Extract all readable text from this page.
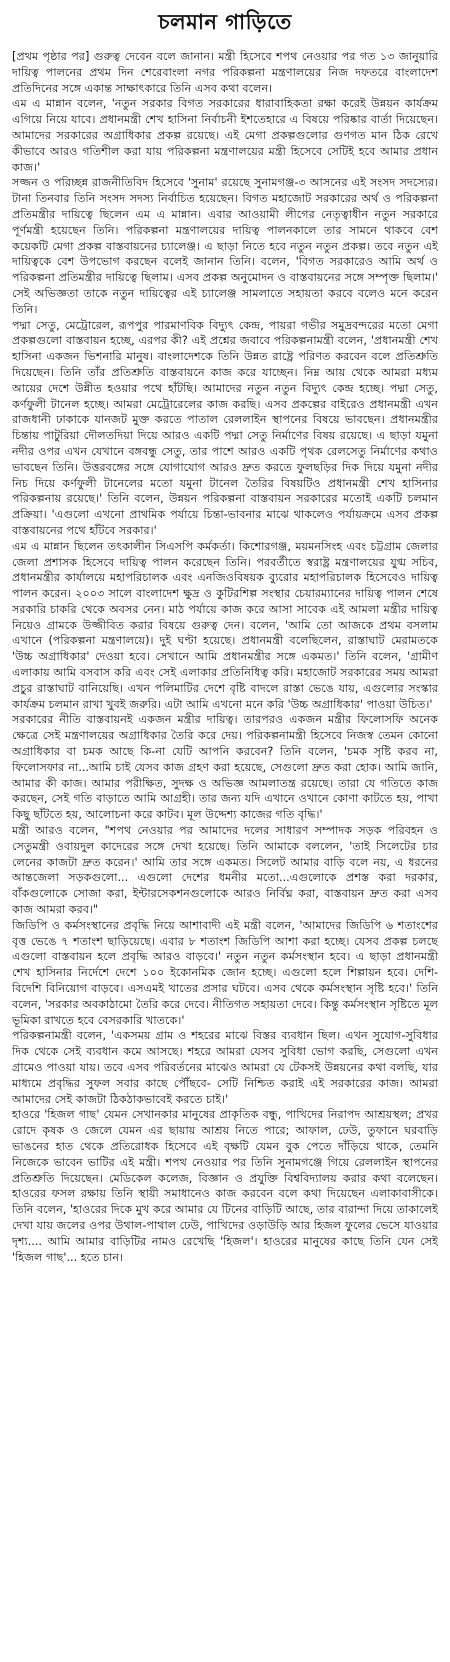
চলমান গাড়িতে

[প্রথম পৃষ্ঠার পর] গুরুত্ব দেবেন বলে জানান। মন্ত্রী হিসেবে শপথ নেওয়ার পর গত ১৩ জানুয়ারি দায়িত্ব পালনের প্রথম দিন শেরেবাংলা নগর পরিকল্পনা মন্ত্রণালয়ের নিজ দফতরে বাংলাদেশ প্রতিদিনের সঙ্গে একান্ত সাক্ষাৎকারে তিনি এসব কথা বলেন।

এম এ মান্নান বলেন, 'নতুন সরকার বিগত সরকারের ধারাবাহিকতা রক্ষা করেই উন্নয়ন কার্যক্রম এগিয়ে নিয়ে যাবে। প্রধানমন্ত্রী শেখ হাসিনা নির্বাচনী ইশতেহারে এ বিষয়ে পরিষ্কার বার্তা দিয়েছেন। আমাদের সরকারের অগ্রাধিকার প্রকল্প রয়েছে। এই মেগা প্রকল্পগুলোর গুণগত মান ঠিক রেখে কীভাবে আরও গতিশীল করা যায় পরিকল্পনা মন্ত্রণালয়ের মন্ত্রী হিসেবে সেটিই হবে আমার প্রধান কাজ।'

সজ্জন ও পরিচ্ছন্ন রাজনীতিবিদ হিসেবে 'সুনাম' রয়েছে সুনামগঞ্জ-৩ আসনের এই সংসদ সদস্যের। টানা তিনবার তিনি সংসদ সদস্য নির্বাচিত হয়েছেন। বিগত মহাজোট সরকারের অর্থ ও পরিকল্পনা প্রতিমন্ত্রীর দায়িত্বে ছিলেন এম এ মান্নান। এবার আওয়ামী লীগের নেতৃত্বাধীন নতুন সরকারে পূর্ণমন্ত্রী হয়েছেন তিনি। পরিকল্পনা মন্ত্রণালয়ের দায়িত্ব পালনকালে তার সামনে থাকবে বেশ কয়েকটি মেগা প্রকল্প বাস্তবায়নের চ্যালেঞ্জ। এ ছাড়া নিতে হবে নতুন নতুন প্রকল্প। তবে নতুন এই দায়িত্বকে বেশ উপভোগ করছেন বলেই জানান তিনি। বলেন, 'বিগত সরকারেও আমি অর্থ ও পরিকল্পনা প্রতিমন্ত্রীর দায়িত্বে ছিলাম। এসব প্রকল্প অনুমোদন ও বাস্তবায়নের সঙ্গে সম্পৃক্ত ছিলাম।' সেই অভিজ্ঞতা তাকে নতুন দায়িত্বের এই চ্যালেঞ্জ সামলাতে সহায়তা করবে বলেও মনে করেন তিনি।

পদ্মা সেতু, মেট্রোরেল, রূপপুর পারমাণবিক বিদ্যুৎ কেন্দ্র, পায়রা গভীর সমুদ্রবন্দরের মতো মেগা প্রকল্পগুলো বাস্তবায়ন হচ্ছে, এরপর কী? এই প্রশ্নের জবাবে পরিকল্পনামন্ত্রী বলেন, 'প্রধানমন্ত্রী শেখ হাসিনা একজন ভিশনারি মানুষ। বাংলাদেশকে তিনি উন্নত রাষ্ট্রে পরিণত করবেন বলে প্রতিশ্রুতি দিয়েছেন। তিনি তাঁর প্রতিশ্রুতি বাস্তবায়নে কাজ করে যাচ্ছেন। নিম্ন আয় থেকে আমরা মধ্যম আয়ের দেশে উন্নীত হওয়ার পথে হাঁটছি। আমাদের নতুন নতুন বিদ্যুৎ কেন্দ্র হচ্ছে। পদ্মা সেতু, কর্ণফুলী টানেল হচ্ছে। আমরা মেট্রোরেলের কাজ করছি। এসব প্রকল্পের বাইরেও প্রধানমন্ত্রী এখন রাজধানী ঢাকাকে যানজট মুক্ত করতে পাতাল রেললাইন স্থাপনের বিষয়ে ভাবছেন। প্রধানমন্ত্রীর চিন্তায় পাটুরিয়া দৌলতদিয়া দিয়ে আরও একটি পদ্মা সেতু নির্মাণের বিষয় রয়েছে। এ ছাড়া যমুনা নদীর ওপর এখন যেখানে বঙ্গবন্ধু সেতু, তার পাশে আরও একটি পৃথক রেলসেতু নির্মাণের কথাও ভাবছেন তিনি। উত্তরবঙ্গের সঙ্গে যোগাযোগ আরও দ্রুত করতে ফুলছড়ির দিক দিয়ে যমুনা নদীর নিচ দিয়ে কর্ণফুলী টানেলের মতো যমুনা টানেল তৈরির বিষয়টিও প্রধানমন্ত্রী শেখ হাসিনার পরিকল্পনায় রয়েছে।' তিনি বলেন, উন্নয়ন পরিকল্পনা বাস্তবায়ন সরকারের মতোই একটি চলমান প্রক্রিয়া। 'এগুলো এখনো প্রাথমিক পর্যায়ে চিন্তা-ভাবনার মাঝে থাকলেও পর্যায়ক্রমে এসব প্রকল্প বাস্তবায়নের পথে হাঁটবে সরকার।'

এম এ মান্নান ছিলেন তৎকালীন সিএসপি কর্মকর্তা। কিশোরগঞ্জ, ময়মনসিংহ এবং চট্টগ্রাম জেলার জেলা প্রশাসক হিসেবে দায়িত্ব পালন করেছেন তিনি। পরবর্তীতে স্বরাষ্ট্র মন্ত্রণালয়ের যুগ্ম সচিব, প্রধানমন্ত্রীর কার্যালয়ে মহাপরিচালক এবং এনজিওবিষয়ক ব্যুরোর মহাপরিচালক হিসেবেও দায়িত্ব পালন করেন। ২০০৩ সালে বাংলাদেশ ক্ষুদ্র ও কুটিরশিল্প সংস্থার চেয়ারম্যানের দায়িত্ব পালন শেষে সরকারি চাকরি থেকে অবসর নেন। মাঠ পর্যায়ে কাজ করে আসা সাবেক এই আমলা মন্ত্রীর দায়িত্ব নিয়েও গ্রামকে উজ্জীবিত করার বিষয়ে গুরুত্ব দেন। বলেন, 'আমি তো আজকে প্রথম বসলাম এখানে (পরিকল্পনা মন্ত্রণালয়ে)। দুই ঘণ্টা হয়েছে। প্রধানমন্ত্রী বলেছিলেন, রাস্তাঘাট মেরামতকে 'উচ্চ অগ্রাধিকার' দেওয়া হবে। সেখানে আমি প্রধানমন্ত্রীর সঙ্গে একমত।' তিনি বলেন, 'গ্রামীণ এলাকায় আমি বসবাস করি এবং সেই এলাকার প্রতিনিধিত্ব করি। মহাজোট সরকারের সময় আমরা প্রচুর রাস্তাঘাট বানিয়েছি। এখন পলিমাটির দেশে বৃষ্টি বাদলে রাস্তা ভেঙে যায়, এগুলোর সংস্কার কার্যক্রম চলমান রাখা খুবই জরুরি। এটা আমি এখনো মনে করি 'উচ্চ অগ্রাধিকার' পাওয়া উচিত।'

সরকারের নীতি বাস্তবায়নই একজন মন্ত্রীর দায়িত্ব। তারপরও একজন মন্ত্রীর ফিলোসফি অনেক ক্ষেত্রে সেই মন্ত্রণালয়ের অগ্রাধিকার তৈরি করে দেয়। পরিকল্পনামন্ত্রী হিসেবে নিজস্ব তেমন কোনো অগ্রাধিকার বা চমক আছে কি-না যেটি আপনি করবেন? তিনি বলেন, 'চমক সৃষ্টি করব না, ফিলোসফার না...আমি চাই যেসব কাজ গ্রহণ করা হয়েছে, সেগুলো দ্রুত করা হোক। আমি জানি, আমার কী কাজ। আমার পরীক্ষিত, সুদক্ষ ও অভিজ্ঞ আমলাতন্ত্র রয়েছে। তারা যে গতিতে কাজ করছেন, সেই গতি বাড়াতে আমি আগ্রহী। তার জন্য যদি এখানে ওখানে কোণা কাটতে হয়, পাখা কিছু ছাঁটতে হয়, আলোচনা করে কাটব। মূল উদ্দেশ্য কাজের গতি বৃদ্ধি।'

মন্ত্রী আরও বলেন, "শপথ নেওয়ার পর আমাদের দলের সাধারণ সম্পাদক সড়ক পরিবহন ও সেতুমন্ত্রী ওবায়দুল কাদেরের সঙ্গে দেখা হয়েছে। তিনি আমাকে বললেন, 'তাই সিলেটের চার লেনের কাজটা দ্রুত করেন।' আমি তার সঙ্গে একমত। সিলেট আমার বাড়ি বলে নয়, এ ধরনের আন্তজেলা সড়কগুলো... এগুলো দেশের ধমনীর মতো...এগুলোকে প্রশস্ত করা দরকার, বাঁকগুলোকে সোজা করা, ইন্টারসেকশনগুলোকে আরও নির্বিঘ্ন করা, বাস্তবায়ন দ্রুত করা এসব কাজ আমরা করব।"

জিডিপি ও কর্মসংস্থানের প্রবৃদ্ধি নিয়ে আশাবাদী এই মন্ত্রী বলেন, 'আমাদের জিডিপি ৬ শতাংশের বৃত্ত ভেঙে ৭ শতাংশ ছাড়িয়েছে। এবার ৮ শতাংশ জিডিপি আশা করা হচ্ছে। যেসব প্রকল্প চলছে এগুলো বাস্তবায়ন হলে প্রবৃদ্ধি আরও বাড়বে।' নতুন নতুন কর্মসংস্থান হবে। এ ছাড়া প্রধানমন্ত্রী শেখ হাসিনার নির্দেশে দেশে ১০০ ইকোনমিক জোন হচ্ছে। এগুলো হলে শিল্পায়ন হবে। দেশি-বিদেশি বিনিয়োগ বাড়বে। এসএমই খাতের প্রসার ঘটবে। এসব থেকে কর্মসংস্থান সৃষ্টি হবে।' তিনি বলেন, 'সরকার অবকাঠামো তৈরি করে দেবে। নীতিগত সহায়তা দেবে। কিন্তু কর্মসংস্থান সৃষ্টিতে মূল ভূমিকা রাখতে হবে বেসরকারি খাতকে।'

পরিকল্পনামন্ত্রী বলেন, 'একসময় গ্রাম ও শহরের মাঝে বিস্তর ব্যবধান ছিল। এখন সুযোগ-সুবিধার দিক থেকে সেই ব্যবধান কমে আসছে। শহরে আমরা যেসব সুবিধা ভোগ করছি, সেগুলো এখন গ্রামেও পাওয়া যায়। তবে এসব পরিবর্তনের মাঝেও আমরা যে টেকসই উন্নয়নের কথা বলছি, যার মাধ্যমে প্রবৃদ্ধির সুফল সবার কাছে পৌঁছবে- সেটি নিশ্চিত করাই এই সরকারের কাজ। আমরা আমাদের সেই কাজটা ঠিকঠাকভাবেই করতে চাই।'

হাওরে 'হিজল গাছ' যেমন সেখানকার মানুষের প্রাকৃতিক বন্ধু, পাখিদের নিরাপদ আশ্রয়স্থল; প্রখর রোদে কৃষক ও জেলে যেমন এর ছায়ায় আশ্রয় নিতে পারে; আফাল, ঢেউ, তুফানে ঘরবাড়ি ভাঙনের হাত থেকে প্রতিরোধক হিসেবে এই বৃক্ষটি যেমন বুক পেতে দাঁড়িয়ে থাকে, তেমনি নিজেকে ভাবেন ভাটির এই মন্ত্রী। শপথ নেওয়ার পর তিনি সুনামগঞ্জে গিয়ে রেললাইন স্থাপনের প্রতিশ্রুতি দিয়েছেন। মেডিকেল কলেজ, বিজ্ঞান ও প্রযুক্তি বিশ্ববিদ্যালয় করার কথা বলেছেন। হাওরের ফসল রক্ষায় তিনি স্থায়ী সমাধানেও কাজ করবেন বলে কথা দিয়েছেন এলাকাবাসীকে। তিনি বলেন, 'হাওরের দিকে মুখ করে আমার যে টিনের বাড়িটি আছে, তার বারান্দা দিয়ে তাকালেই দেখা যায় জলের ওপর উথাল-পাথাল ঢেউ, পাখিদের ওড়াউড়ি আর হিজল ফুলের ভেসে যাওয়ার দৃশ্য.... আমি আমার বাড়িটির নামও রেখেছি 'হিজল'। হাওরের মানুষের কাছে তিনি যেন সেই 'হিজল গাছ'... হতে চান।
